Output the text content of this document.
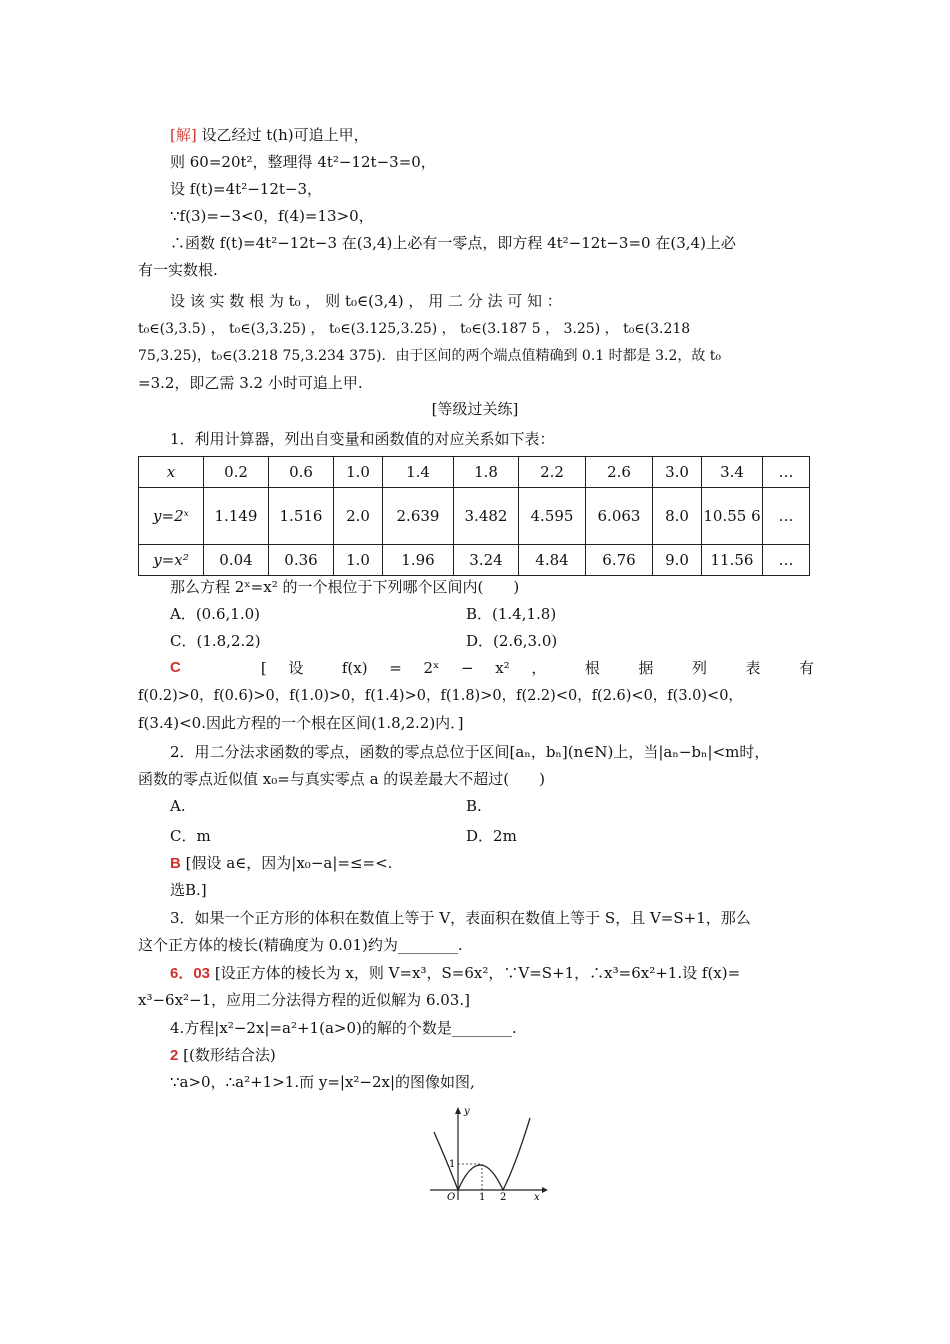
[解] 设乙经过 t(h)可追上甲，
则 60=20t²，整理得 4t²−12t−3=0，
设 f(t)=4t²−12t−3，
∵f(3)=−3<0，f(4)=13>0，
∴函数 f(t)=4t²−12t−3 在(3,4)上必有一零点，即方程 4t²−12t−3=0 在(3,4)上必
有一实数根.
设 该 实 数 根 为 t₀ ， 则 t₀∈(3,4) ， 用 二 分 法 可 知 ：
t₀∈(3,3.5) ， t₀∈(3,3.25) ， t₀∈(3.125,3.25) ， t₀∈(3.187 5 ， 3.25) ， t₀∈(3.218
75,3.25)，t₀∈(3.218 75,3.234 375)．由于区间的两个端点值精确到 0.1 时都是 3.2，故 t₀
=3.2，即乙需 3.2 小时可追上甲.
[等级过关练]
1．利用计算器，列出自变量和函数值的对应关系如下表：
x	0.2	0.6	1.0	1.4	1.8	2.2	2.6	3.0	3.4	…
y=2ˣ	1.149	1.516	2.0	2.639	3.482	4.595	6.063	8.0	10.55 6	…
y=x²	0.04	0.36	1.0	1.96	3.24	4.84	6.76	9.0	11.56	…
那么方程 2ˣ=x² 的一个根位于下列哪个区间内(　　)
A．(0.6,1.0)	B．(1.4,1.8)
C．(1.8,2.2)	D．(2.6,3.0)
C	[ 设 f(x) = 2ˣ − x² ， 根 据 列 表 有
f(0.2)>0，f(0.6)>0，f(1.0)>0，f(1.4)>0，f(1.8)>0，f(2.2)<0，f(2.6)<0，f(3.0)<0，
f(3.4)<0.因此方程的一个根在区间(1.8,2.2)内．]
2．用二分法求函数的零点，函数的零点总位于区间[aₙ，bₙ](n∈N)上，当|aₙ−bₙ|<m时，
函数的零点近似值 x₀=与真实零点 a 的误差最大不超过(　　)
A.	B.
C．m	D．2m
B [假设 a∈，因为|x₀−a|=≤=<.
选B.]
3．如果一个正方形的体积在数值上等于 V，表面积在数值上等于 S，且 V=S+1，那么
这个正方体的棱长(精确度为 0.01)约为________.
6．03 [设正方体的棱长为 x，则 V=x³，S=6x²，∵V=S+1，∴x³=6x²+1.设 f(x)=
x³−6x²−1，应用二分法得方程的近似解为 6.03.]
4.方程|x²−2x|=a²+1(a>0)的解的个数是________.
2 [(数形结合法)
∵a>0，∴a²+1>1.而 y=|x²−2x|的图像如图,
y
x
O 1 2
1
